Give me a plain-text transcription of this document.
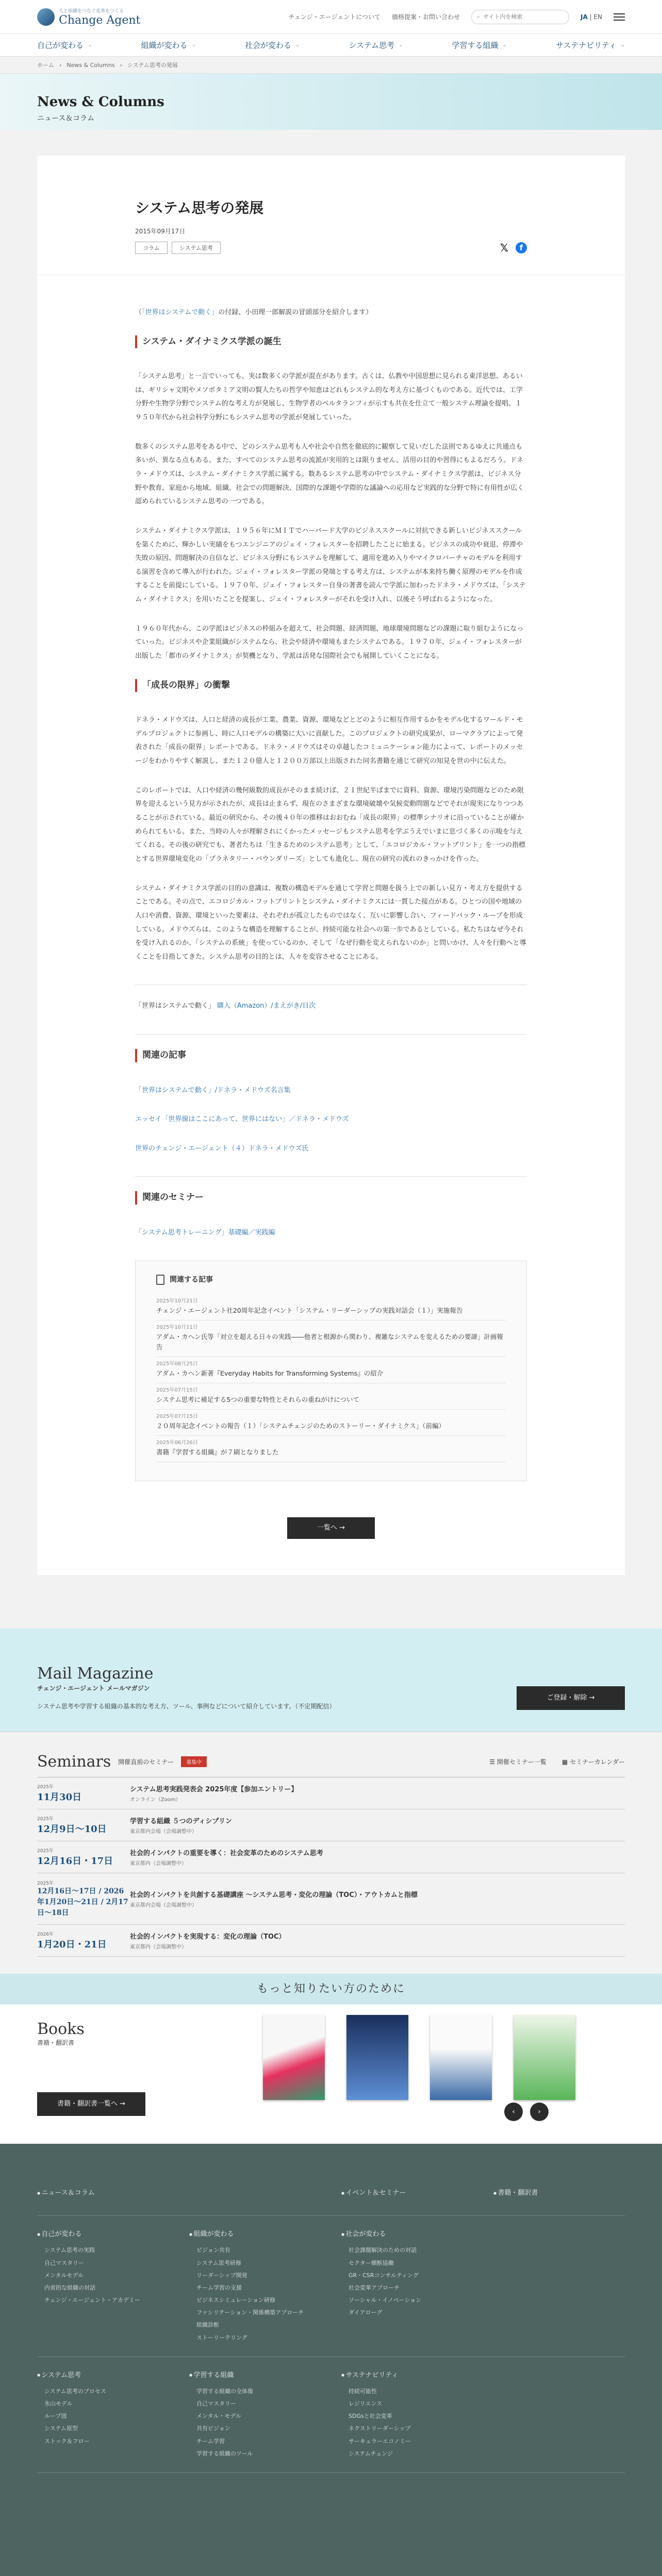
人と組織をつなぐ変革をつくる
Change Agent	チェンジ・エージェントについて 価格提案・お問い合わせ	⌕
サイト内を検索	JA | EN
自己が変わる ⌄	組織が変わる ⌄	社会が変わる ⌄	システム思考 ⌄	学習する組織 ⌄	サステナビリティ ⌄
ホーム › News & Columns › システム思考の発展
News & Columns

ニュース＆コラム

システム思考の発展
2015年09月17日
コラム	システム思考	𝕏	f

（「世界はシステムで動く」の付録、小田理一郎解説の冒頭部分を紹介します）

システム・ダイナミクス学派の誕生

「システム思考」と一言でいっても、実は数多くの学派が混在があります。古くは、仏教や中国思想に見られる東洋思想、あるいは、ギリシャ文明やメソポタミア文明の賢人たちの哲学や知恵はどれもシステム的な考え方に基づくものである。近代では、工学分野や生物学分野でシステム的な考え方が発展し、生物学者のベルタランフィが示すも共在を仕立て一般システム理論を提唱、１９５０年代から社会科学分野にもシステム思考の学派が発展していった。

数多くのシステム思考をある中で、どのシステム思考も人や社会や自然を徹底的に観察して見いだした法則であるゆえに共通点も多いが、異なる点もある。また、すべてのシステム思考の流派が実用的とは限りません。活用の目的や習得にもよるだろう。ドネラ・メドウズは、システム・ダイナミクス学派に属する。数あるシステム思考の中でシステム・ダイナミクス学派は、ビジネス分野や教育、家庭から地域、組織、社会での問題解決、国際的な課題や学際的な議論への応用など実践的な分野で特に有用性が広く認められているシステム思考の一つである。

システム・ダイナミクス学派は、１９５６年にＭＩＴでハーバード大学のビジネススクールに対抗できる新しいビジネススクールを第くために、輝かしい実績をもつエンジニアのジェイ・フォレスターを招聘したことに始まる。ビジネスの成功や衰退、停滞や失敗の原因、問題解決の自信など、ビジネス分野にもシステムを理解して、適用を進め入りやマイクロバーチャのモデルを利用する演習を含めて導入が行われた。ジェイ・フォレスター学派の発端とする考え方は、システムが本来持ち働く原理のモデルを作成することを前提にしている。１９７０年、ジェイ・フォレスター自身の著書を読んで学派に加わったドネラ・メドウズは、「システム・ダイナミクス」を用いたことを提案し、ジェイ・フォレスターがそれを受け入れ、以後そう呼ばれるようになった。

１９６０年代から、この学派はビジネスの枠組みを超えて、社会問題、経済問題、地球環境問題などの課題に取り組むようになっていった。ビジネスや企業組織がシステムなら、社会や経済や環境もまたシステムである。１９７０年、ジェイ・フォレスターが出版した「都市のダイナミクス」が契機となり、学派は活発な国際社会でも展開していくことになる。

「成長の限界」の衝撃

ドネラ・メドウズは、人口と経済の成長が工業、農業、資源、環境などとどのように相互作用するかをモデル化するワールド・モデルプロジェクトに参画し、時に人口モデルの構築に大いに貢献した。このプロジェクトの研究成果が、ローマクラブによって発表された「成長の限界」レポートである。ドネラ・メドウズはその卓越したコミュニケーション能力によって、レポートのメッセージをわかりやすく解説し、また１２０億人と１２００万部以上出版された同名書籍を通じて研究の知見を世の中に伝えた。

このレポートでは、人口や経済の幾何級数的成長がそのまま続けば、２１世紀半ばまでに資料、資源、環境汚染問題などのため限界を迎えるという見方が示されたが、成長は止まらず、現在のさまざまな環境破壊や気候変動問題などでそれが現実になりつつあることが示されている。最近の研究から、その後４０年の推移はおおむね「成長の限界」の標準シナリオに沿っていることが確かめられてもいる。また、当時の人々が理解されにくかったメッセージもシステム思考を学ぶうえでいまに息づく多くの示唆を与えてくれる。その後の研究でも、著者たちは「生きるためのシステム思考」として、「エコロジカル・フットプリント」を一つの指標とする世界環境変化の「プラネタリー・バウンダリーズ」としても進化し、現在の研究の流れのきっかけを作った。

システム・ダイナミクス学派の目的の意識は、複数の構造モデルを通じて学習と問題を扱う上での新しい見方・考え方を提供することである。その点で、エコロジカル・フットプリントとシステム・ダイナミクスには一貫した接点がある。ひとつの国や地域の人口や消費、資源、環境といった要素は、それぞれが孤立したものではなく、互いに影響し合い、フィードバック・ループを形成している。メドウズらは、このような構造を理解することが、持続可能な社会への第一歩であるとしている。私たちはなぜ今それを受け入れるのか、「システムの系統」を使っているのか、そして「なぜ行動を変えられないのか」と問いかけ、人々を行動へと導くことを目指してきた。システム思考の目的とは、人々を変容させることにある。

「世界はシステムで動く」 購入（Amazon）/まえがき/目次

関連の記事

「世界はシステムで動く」/ドネラ・メドウズ名言集

エッセイ「世界線はここにあって、世界にはない」／ドネラ・メドウズ

世界のチェンジ・エージェント（４）ドネラ・メドウズ氏

関連のセミナー

「システム思考トレーニング」基礎編／実践編

関連する記事
2025年10月21日
チェンジ・エージェント社20周年記念イベント「システム・リーダーシップの実践対話会（１）」実施報告
2025年10月11日
アダム・カヘン氏等「対立を超える日々の実践――他者と根源から関わり、複雑なシステムを変えるための要諦」計画報告
2025年08月25日
アダム・カヘン新著『Everyday Habits for Transforming Systems』の紹介
2025年07月15日
システム思考に補足する5つの重要な特性とそれらの重ねがけについて
2025年07月15日
２０周年記念イベントの報告（１）「システムチェンジのためのストーリー・ダイナミクス」（前編）
2025年06月26日
書籍『学習する組織』が７刷となりました
一覧へ →
Mail Magazine
チェンジ・エージェント メールマガジン

システム思考や学習する組織の基本的な考え方、ツール、事例などについて紹介しています。（不定期配信）

ご登録・解除 →
Seminars 開催直前のセミナー	募集中	☰ 開催セミナー一覧	▦ セミナーカレンダー
2025年
11月30日
システム思考実践発表会 2025年度【参加エントリー】
オンライン（Zoom）
2025年
12月9日～10日
学習する組織 ５つのディシプリン
東京都内会場（会場調整中）
2025年
12月16日・17日
社会的インパクトの重要を導く：社会変革のためのシステム思考
東京都内（会場調整中）
2025年
12月16日～17日 / 2026年1月20日～21日 / 2月17日～18日
社会的インパクトを共創する基礎講座 ～システム思考・変化の理論（TOC）・アウトカムと指標
東京都内会場（会場調整中）
2026年
1月20日・21日
社会的インパクトを実現する：変化の理論（TOC）
東京都内（会場調整中）
もっと知りたい方のために
Books
書籍・翻訳書
書籍・翻訳書一覧へ →
‹	›
● ニュース＆コラム	● イベント＆セミナー	● 書籍・翻訳書
● 自己が変わる
システム思考の実践
自己マスタリー
メンタルモデル
内省的な組織の対話
チェンジ・エージェント・アカデミー
● 組織が変わる
ビジョン共有
システム思考研修
リーダーシップ開発
チーム学習の支援
ビジネスシミュレーション研修
ファシリテーション・関係構築アプローチ
組織診断
ストーリーテリング
● 社会が変わる
社会課題解決のための対話
セクター横断協働
GR・CSRコンサルティング
社会変革アプローチ
ソーシャル・イノベーション
ダイアローグ
● システム思考
システム思考のプロセス
氷山モデル
ループ図
システム原型
ストック＆フロー
● 学習する組織
学習する組織の全体像
自己マスタリー
メンタル・モデル
共有ビジョン
チーム学習
学習する組織のツール
● サステナビリティ
持続可能性
レジリエンス
SDGsと社会変革
ネクストリーダーシップ
サーキュラーエコノミー
システムチェンジ
